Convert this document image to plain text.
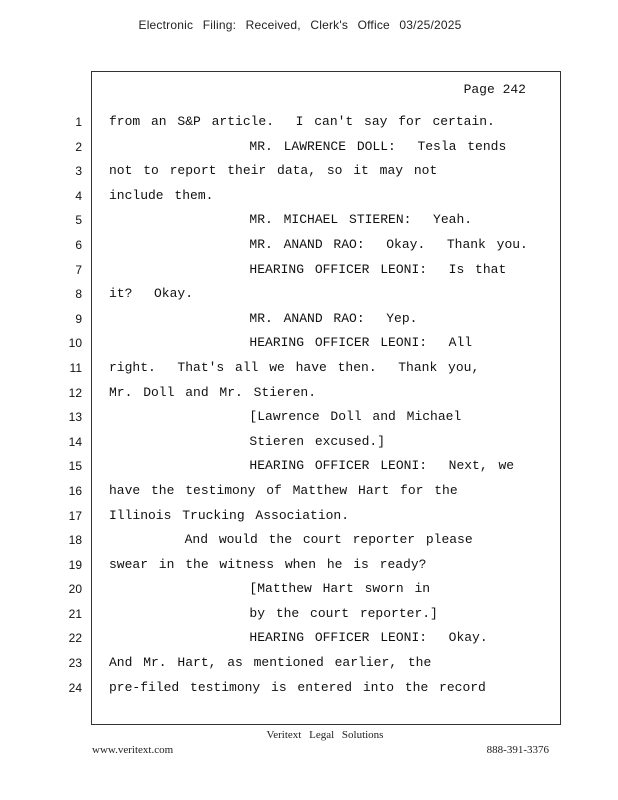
Electronic Filing: Received, Clerk's Office 03/25/2025
Page 242
1
2
3
4
5
6
7
8
9
10
11
12
13
14
15
16
17
18
19
20
21
22
23
24
from an S&P article.  I can't say for certain.
MR. LAWRENCE DOLL:  Tesla tends
not to report their data, so it may not
include them.
MR. MICHAEL STIEREN:  Yeah.
MR. ANAND RAO:  Okay.  Thank you.
HEARING OFFICER LEONI:  Is that
it?  Okay.
MR. ANAND RAO:  Yep.
HEARING OFFICER LEONI:  All
right.  That's all we have then.  Thank you,
Mr. Doll and Mr. Stieren.
[Lawrence Doll and Michael
Stieren excused.]
HEARING OFFICER LEONI:  Next, we
have the testimony of Matthew Hart for the
Illinois Trucking Association.
And would the court reporter please
swear in the witness when he is ready?
[Matthew Hart sworn in
by the court reporter.]
HEARING OFFICER LEONI:  Okay.
And Mr. Hart, as mentioned earlier, the
pre-filed testimony is entered into the record
Veritext Legal Solutions
www.veritext.com	888-391-3376
